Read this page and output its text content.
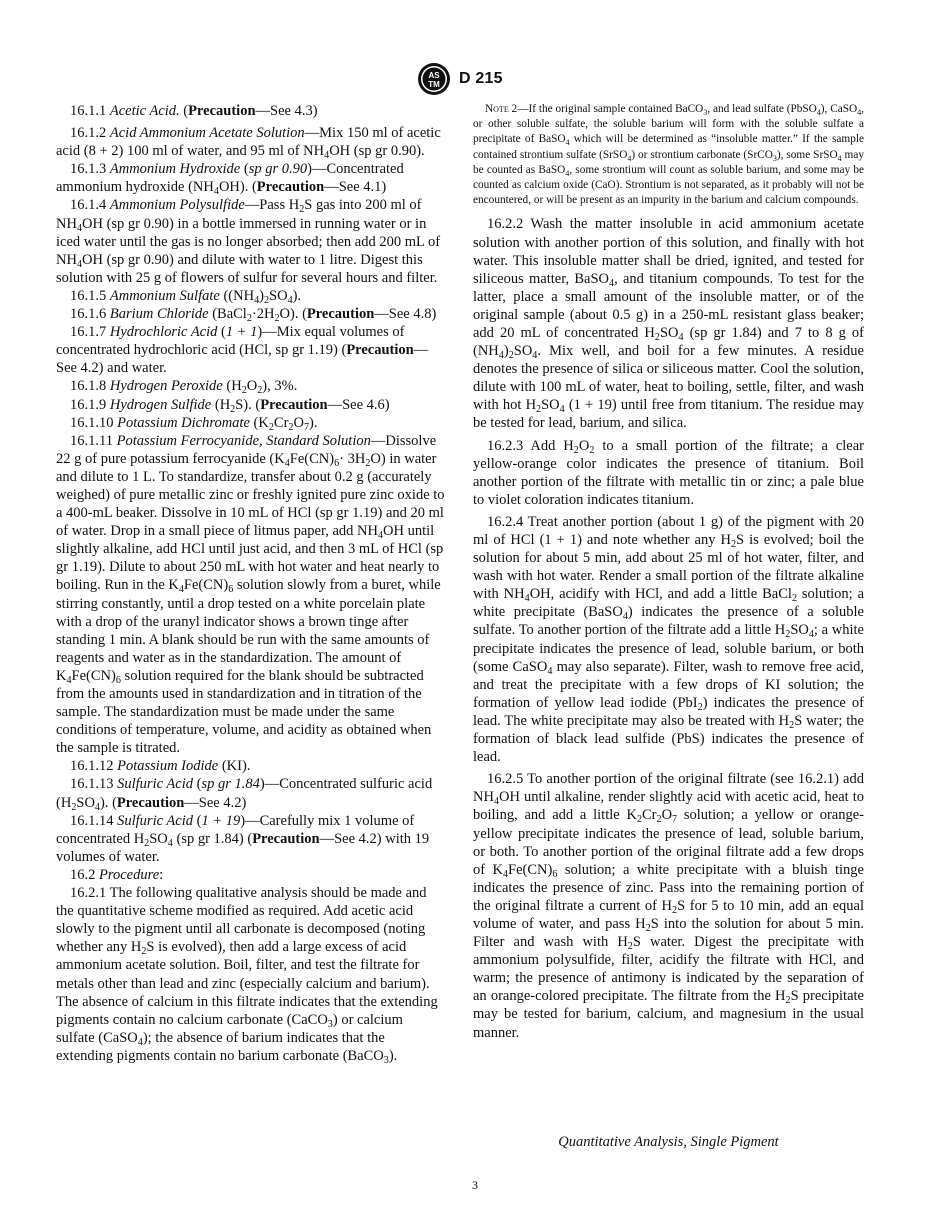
AS
TM D 215

16.1.1 Acetic Acid. (Precaution—See 4.3)

16.1.2 Acid Ammonium Acetate Solution—Mix 150 ml of acetic acid (8 + 2) 100 ml of water, and 95 ml of $NH_4OH$ (sp gr 0.90).

16.1.3 Ammonium Hydroxide (sp gr 0.90)—Concentrated ammonium hydroxide $(NH_4OH)$. (Precaution—See 4.1)

16.1.4 Ammonium Polysulfide—Pass $H_2S$ gas into 200 ml of $NH_4OH$ (sp gr 0.90) in a bottle immersed in running water or in iced water until the gas is no longer absorbed; then add 200 mL of $NH_4OH$ (sp gr 0.90) and dilute with water to 1 litre. Digest this solution with 25 g of flowers of sulfur for several hours and filter.

16.1.5 Ammonium Sulfate $((NH_4)_2SO_4)$.

16.1.6 Barium Chloride $(BaCl_2\cdot 2H_2O)$. (Precaution—See 4.8)

16.1.7 Hydrochloric Acid (1 + 1)—Mix equal volumes of concentrated hydrochloric acid (HCl, sp gr 1.19) (Precaution—See 4.2) and water.

16.1.8 Hydrogen Peroxide $(H_2O_2)$, 3%.

16.1.9 Hydrogen Sulfide $(H_2S)$. (Precaution—See 4.6)

16.1.10 Potassium Dichromate $(K_2Cr_2O_7)$.

16.1.11 Potassium Ferrocyanide, Standard Solution—Dissolve 22 g of pure potassium ferrocyanide $(K_4Fe(CN)_6\cdot 3H_2O)$ in water and dilute to 1 L. To standardize, transfer about 0.2 g (accurately weighed) of pure metallic zinc or freshly ignited pure zinc oxide to a 400-mL beaker. Dissolve in 10 mL of HCl (sp gr 1.19) and 20 ml of water. Drop in a small piece of litmus paper, add $NH_4OH$ until slightly alkaline, add HCl until just acid, and then 3 mL of HCl (sp gr 1.19). Dilute to about 250 mL with hot water and heat nearly to boiling. Run in the $K_4Fe(CN)_6$ solution slowly from a buret, while stirring constantly, until a drop tested on a white porcelain plate with a drop of the uranyl indicator shows a brown tinge after standing 1 min. A blank should be run with the same amounts of reagents and water as in the standardization. The amount of $K_4Fe(CN)_6$ solution required for the blank should be subtracted from the amounts used in standardization and in titration of the sample. The standardization must be made under the same conditions of temperature, volume, and acidity as obtained when the sample is titrated.

16.1.12 Potassium Iodide (KI).

16.1.13 Sulfuric Acid (sp gr 1.84)—Concentrated sulfuric acid $(H_2SO_4)$. (Precaution—See 4.2)

16.1.14 Sulfuric Acid (1 + 19)—Carefully mix 1 volume of concentrated $H_2SO_4$ (sp gr 1.84) (Precaution—See 4.2) with 19 volumes of water.

16.2 Procedure:

16.2.1 The following qualitative analysis should be made and the quantitative scheme modified as required. Add acetic acid slowly to the pigment until all carbonate is decomposed (noting whether any $H_2S$ is evolved), then add a large excess of acid ammonium acetate solution. Boil, filter, and test the filtrate for metals other than lead and zinc (especially calcium and barium). The absence of calcium in this filtrate indicates that the extending pigments contain no calcium carbonate (CaCO$_3$) or calcium sulfate (CaSO$_4$); the absence of barium indicates that the extending pigments contain no barium carbonate (BaCO$_3$).

Note 2—If the original sample contained BaCO$_3$, and lead sulfate (PbSO$_4$), CaSO$_4$, or other soluble sulfate, the soluble barium will form with the soluble sulfate a precipitate of BaSO$_4$ which will be determined as “insoluble matter.” If the sample contained strontium sulfate (SrSO$_4$) or strontium carbonate (SrCO$_3$), some SrSO$_4$ may be counted as BaSO$_4$, some strontium will count as soluble barium, and some may be counted as calcium oxide (CaO). Strontium is not separated, as it probably will not be encountered, or will be present as an impurity in the barium and calcium compounds.

16.2.2 Wash the matter insoluble in acid ammonium acetate solution with another portion of this solution, and finally with hot water. This insoluble matter shall be dried, ignited, and tested for siliceous matter, BaSO$_4$, and titanium compounds. To test for the latter, place a small amount of the insoluble matter, or of the original sample (about 0.5 g) in a 250-mL resistant glass beaker; add 20 mL of concentrated $H_2SO_4$ (sp gr 1.84) and 7 to 8 g of $(NH_4)_2SO_4$. Mix well, and boil for a few minutes. A residue denotes the presence of silica or siliceous matter. Cool the solution, dilute with 100 mL of water, heat to boiling, settle, filter, and wash with hot $H_2SO_4$ (1 + 19) until free from titanium. The residue may be tested for lead, barium, and silica.

16.2.3 Add $H_2O_2$ to a small portion of the filtrate; a clear yellow-orange color indicates the presence of titanium. Boil another portion of the filtrate with metallic tin or zinc; a pale blue to violet coloration indicates titanium.

16.2.4 Treat another portion (about 1 g) of the pigment with 20 ml of HCl (1 + 1) and note whether any $H_2S$ is evolved; boil the solution for about 5 min, add about 25 ml of hot water, filter, and wash with hot water. Render a small portion of the filtrate alkaline with $NH_4OH$, acidify with HCl, and add a little BaCl$_2$ solution; a white precipitate (BaSO$_4$) indicates the presence of a soluble sulfate. To another portion of the filtrate add a little $H_2SO_4$; a white precipitate indicates the presence of lead, soluble barium, or both (some CaSO$_4$ may also separate). Filter, wash to remove free acid, and treat the precipitate with a few drops of KI solution; the formation of yellow lead iodide (PbI$_2$) indicates the presence of lead. The white precipitate may also be treated with $H_2S$ water; the formation of black lead sulfide (PbS) indicates the presence of lead.

16.2.5 To another portion of the original filtrate (see 16.2.1) add $NH_4OH$ until alkaline, render slightly acid with acetic acid, heat to boiling, and add a little $K_2Cr_2O_7$ solution; a yellow or orange-yellow precipitate indicates the presence of lead, soluble barium, or both. To another portion of the original filtrate add a few drops of $K_4Fe(CN)_6$ solution; a white precipitate with a bluish tinge indicates the presence of zinc. Pass into the remaining portion of the original filtrate a current of $H_2S$ for 5 to 10 min, add an equal volume of water, and pass $H_2S$ into the solution for about 5 min. Filter and wash with $H_2S$ water. Digest the precipitate with ammonium polysulfide, filter, acidify the filtrate with HCl, and warm; the presence of antimony is indicated by the separation of an orange-colored precipitate. The filtrate from the $H_2S$ precipitate may be tested for barium, calcium, and magnesium in the usual manner.

Quantitative Analysis, Single Pigment
3
